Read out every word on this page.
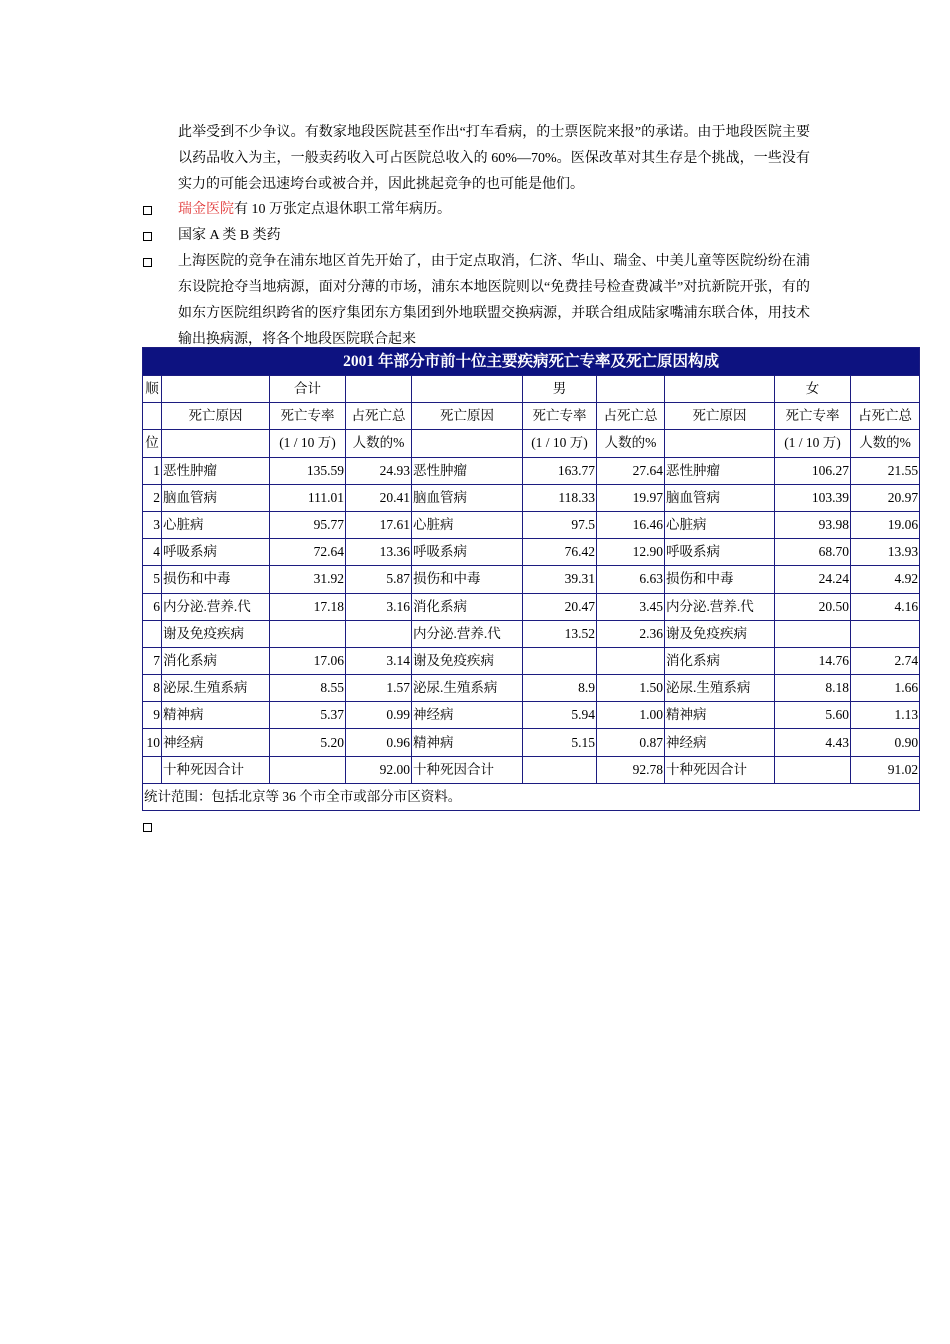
此举受到不少争议。有数家地段医院甚至作出“打车看病，的士票医院来报”的承诺。由于地段医院主要以药品收入为主，一般卖药收入可占医院总收入的 60%—70%。医保改革对其生存是个挑战，一些没有实力的可能会迅速垮台或被合并，因此挑起竞争的也可能是他们。

瑞金医院有 10 万张定点退休职工常年病历。

国家 A 类 B 类药

上海医院的竞争在浦东地区首先开始了，由于定点取消，仁济、华山、瑞金、中美儿童等医院纷纷在浦东设院抢夺当地病源，面对分薄的市场，浦东本地医院则以“免费挂号检查费减半”对抗新院开张，有的如东方医院组织跨省的医疗集团东方集团到外地联盟交换病源，并联合组成陆家嘴浦东联合体，用技术输出换病源，将各个地段医院联合起来

2001 年部分市前十位主要疾病死亡专率及死亡原因构成									
顺		合计			男			女	
	死亡原因	死亡专率	占死亡总	死亡原因	死亡专率	占死亡总	死亡原因	死亡专率	占死亡总
位		(1 / 10 万)	人数的%		(1 / 10 万)	人数的%		(1 / 10 万)	人数的%
1	恶性肿瘤	135.59	24.93	恶性肿瘤	163.77	27.64	恶性肿瘤	106.27	21.55
2	脑血管病	111.01	20.41	脑血管病	118.33	19.97	脑血管病	103.39	20.97
3	心脏病	95.77	17.61	心脏病	97.5	16.46	心脏病	93.98	19.06
4	呼吸系病	72.64	13.36	呼吸系病	76.42	12.90	呼吸系病	68.70	13.93
5	损伤和中毒	31.92	5.87	损伤和中毒	39.31	6.63	损伤和中毒	24.24	4.92
6	内分泌.营养.代	17.18	3.16	消化系病	20.47	3.45	内分泌.营养.代	20.50	4.16
	谢及免疫疾病			内分泌.营养.代	13.52	2.36	谢及免疫疾病		
7	消化系病	17.06	3.14	谢及免疫疾病			消化系病	14.76	2.74
8	泌尿.生殖系病	8.55	1.57	泌尿.生殖系病	8.9	1.50	泌尿.生殖系病	8.18	1.66
9	精神病	5.37	0.99	神经病	5.94	1.00	精神病	5.60	1.13
10	神经病	5.20	0.96	精神病	5.15	0.87	神经病	4.43	0.90
	十种死因合计		92.00	十种死因合计		92.78	十种死因合计		91.02
统计范围：包括北京等 36 个市全市或部分市区资料。									
